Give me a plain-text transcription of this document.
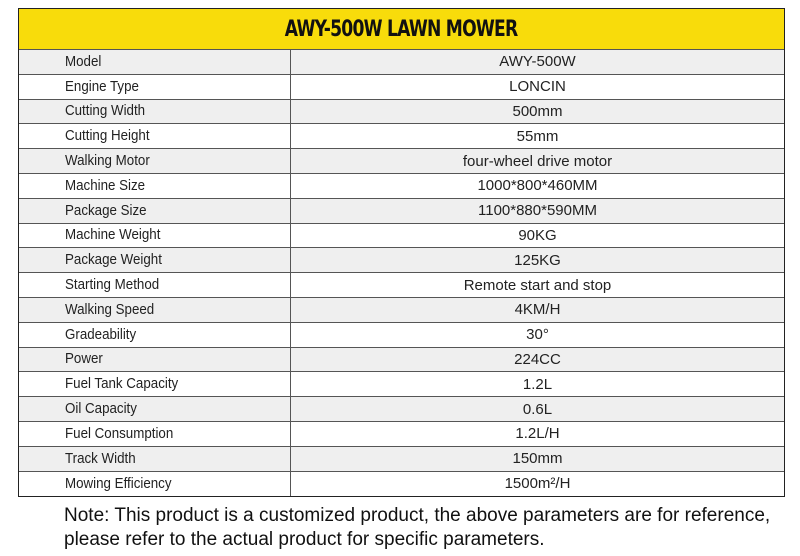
AWY-500W LAWN MOWER
Model	AWY-500W
Engine Type	LONCIN
Cutting Width	500mm
Cutting Height	55mm
Walking Motor	four-wheel drive motor
Machine Size	1000*800*460MM
Package Size	1100*880*590MM
Machine Weight	90KG
Package Weight	125KG
Starting Method	Remote start and stop
Walking Speed	4KM/H
Gradeability	30°
Power	224CC
Fuel Tank Capacity	1.2L
Oil Capacity	0.6L
Fuel Consumption	1.2L/H
Track Width	150mm
Mowing Efficiency	1500m²/H
Note: This product is a customized product, the above parameters are for reference, please refer to the actual product for specific parameters.
